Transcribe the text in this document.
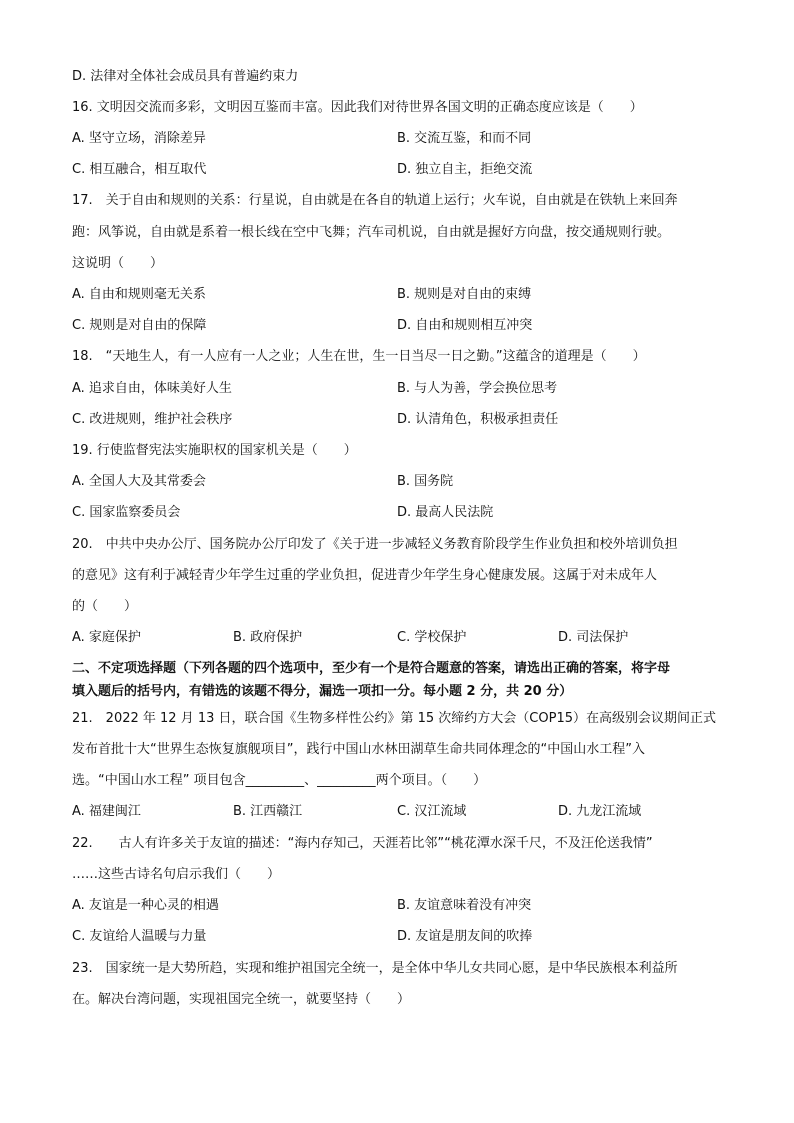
D. 法律对全体社会成员具有普遍约束力
16. 文明因交流而多彩，文明因互鉴而丰富。因此我们对待世界各国文明的正确态度应该是（　　）
A. 坚守立场，消除差异	B. 交流互鉴，和而不同
C. 相互融合，相互取代	D. 独立自主，拒绝交流
17.　关于自由和规则的关系：行星说，自由就是在各自的轨道上运行；火车说，自由就是在铁轨上来回奔
跑：风筝说，自由就是系着一根长线在空中飞舞；汽车司机说，自由就是握好方向盘，按交通规则行驶。
这说明（　　）
A. 自由和规则毫无关系	B. 规则是对自由的束缚
C. 规则是对自由的保障	D. 自由和规则相互冲突
18.　“天地生人，有一人应有一人之业；人生在世，生一日当尽一日之勤。”这蕴含的道理是（　　）
A. 追求自由，体味美好人生	B. 与人为善，学会换位思考
C. 改进规则，维护社会秩序	D. 认清角色，积极承担责任
19. 行使监督宪法实施职权的国家机关是（　　）
A. 全国人大及其常委会	B. 国务院
C. 国家监察委员会	D. 最高人民法院
20.　中共中央办公厅、国务院办公厅印发了《关于进一步减轻义务教育阶段学生作业负担和校外培训负担
的意见》这有利于减轻青少年学生过重的学业负担，促进青少年学生身心健康发展。这属于对未成年人
的（　　）
A. 家庭保护	B. 政府保护	C. 学校保护	D. 司法保护
二、不定项选择题（下列各题的四个选项中，至少有一个是符合题意的答案，请选出正确的答案，将字母
填入题后的括号内，有错选的该题不得分，漏选一项扣一分。每小题 2 分，共 20 分）
21.　2022 年 12 月 13 日，联合国《生物多样性公约》第 15 次缔约方大会（COP15）在高级别会议期间正式
发布首批十大“世界生态恢复旗舰项目”，践行中国山水林田湖草生命共同体理念的“中国山水工程”入
选。“中国山水工程” 项目包含_________、_________两个项目。（　　）
A. 福建闽江	B. 江西赣江	C. 汉江流域	D. 九龙江流域
22.　　古人有许多关于友谊的描述：“海内存知己，天涯若比邻”“桃花潭水深千尺，不及汪伦送我情”
……这些古诗名句启示我们（　　）
A. 友谊是一种心灵的相遇	B. 友谊意味着没有冲突
C. 友谊给人温暖与力量	D. 友谊是朋友间的吹捧
23.　国家统一是大势所趋，实现和维护祖国完全统一，是全体中华儿女共同心愿，是中华民族根本利益所
在。解决台湾问题，实现祖国完全统一，就要坚持（　　）
